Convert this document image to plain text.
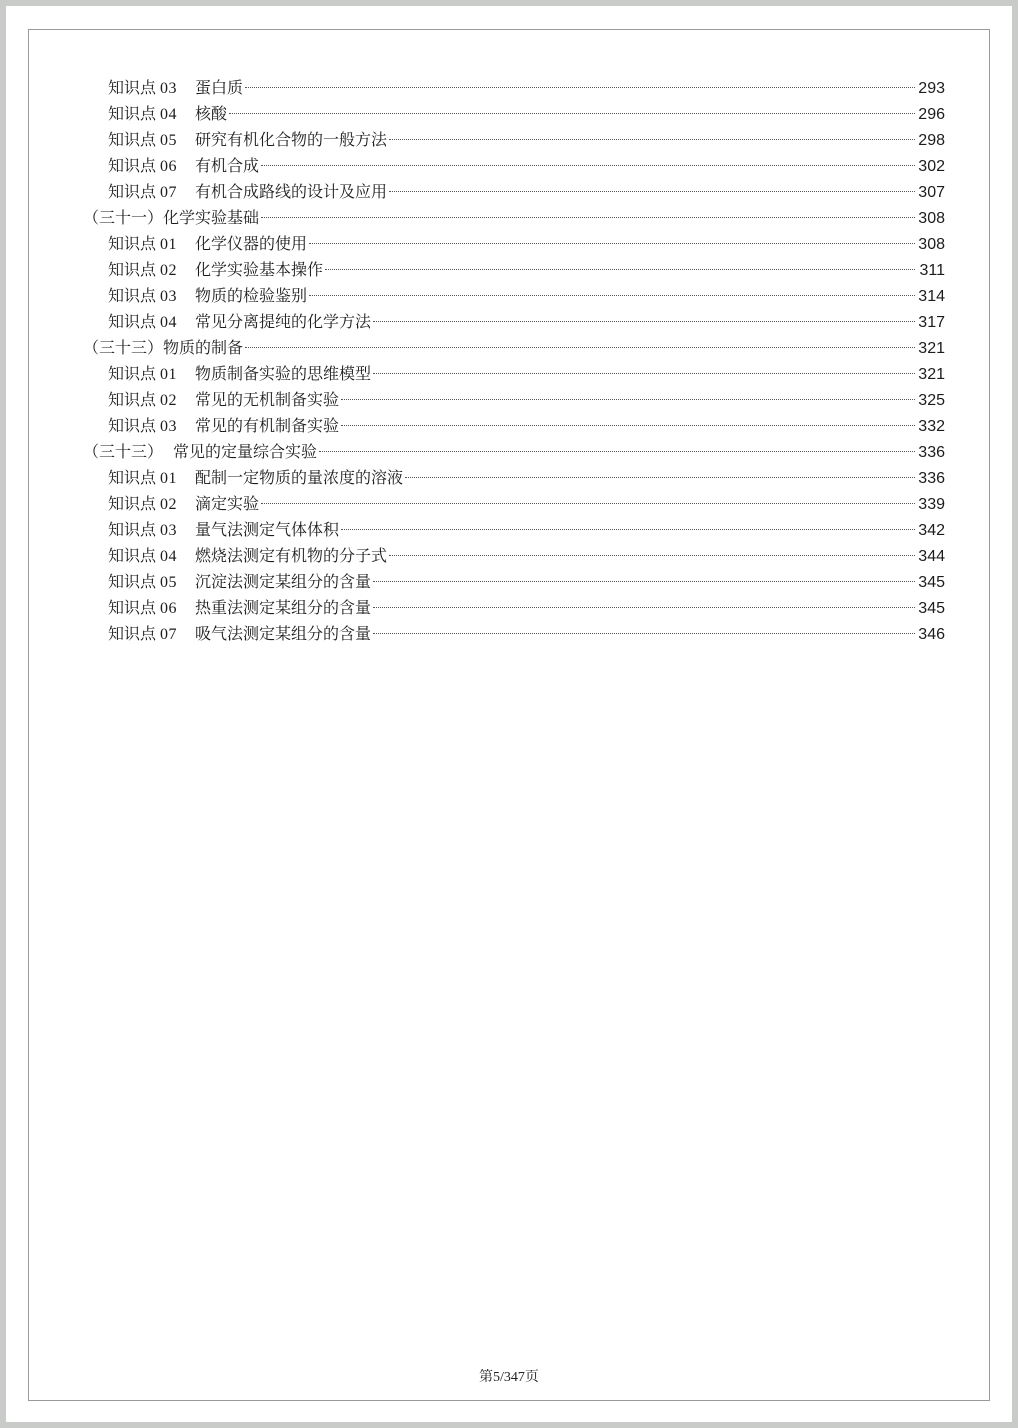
知识点 03 蛋白质	293
知识点 04 核酸	296
知识点 05 研究有机化合物的一般方法	298
知识点 06 有机合成	302
知识点 07 有机合成路线的设计及应用	307
（三十一） 化学实验基础	308
知识点 01 化学仪器的使用	308
知识点 02 化学实验基本操作	311
知识点 03 物质的检验鉴别	314
知识点 04 常见分离提纯的化学方法	317
（三十三） 物质的制备	321
知识点 01 物质制备实验的思维模型	321
知识点 02 常见的无机制备实验	325
知识点 03 常见的有机制备实验	332
（三十三） 常见的定量综合实验	336
知识点 01 配制一定物质的量浓度的溶液	336
知识点 02 滴定实验	339
知识点 03 量气法测定气体体积	342
知识点 04 燃烧法测定有机物的分子式	344
知识点 05 沉淀法测定某组分的含量	345
知识点 06 热重法测定某组分的含量	345
知识点 07 吸气法测定某组分的含量	346
第5/347页
